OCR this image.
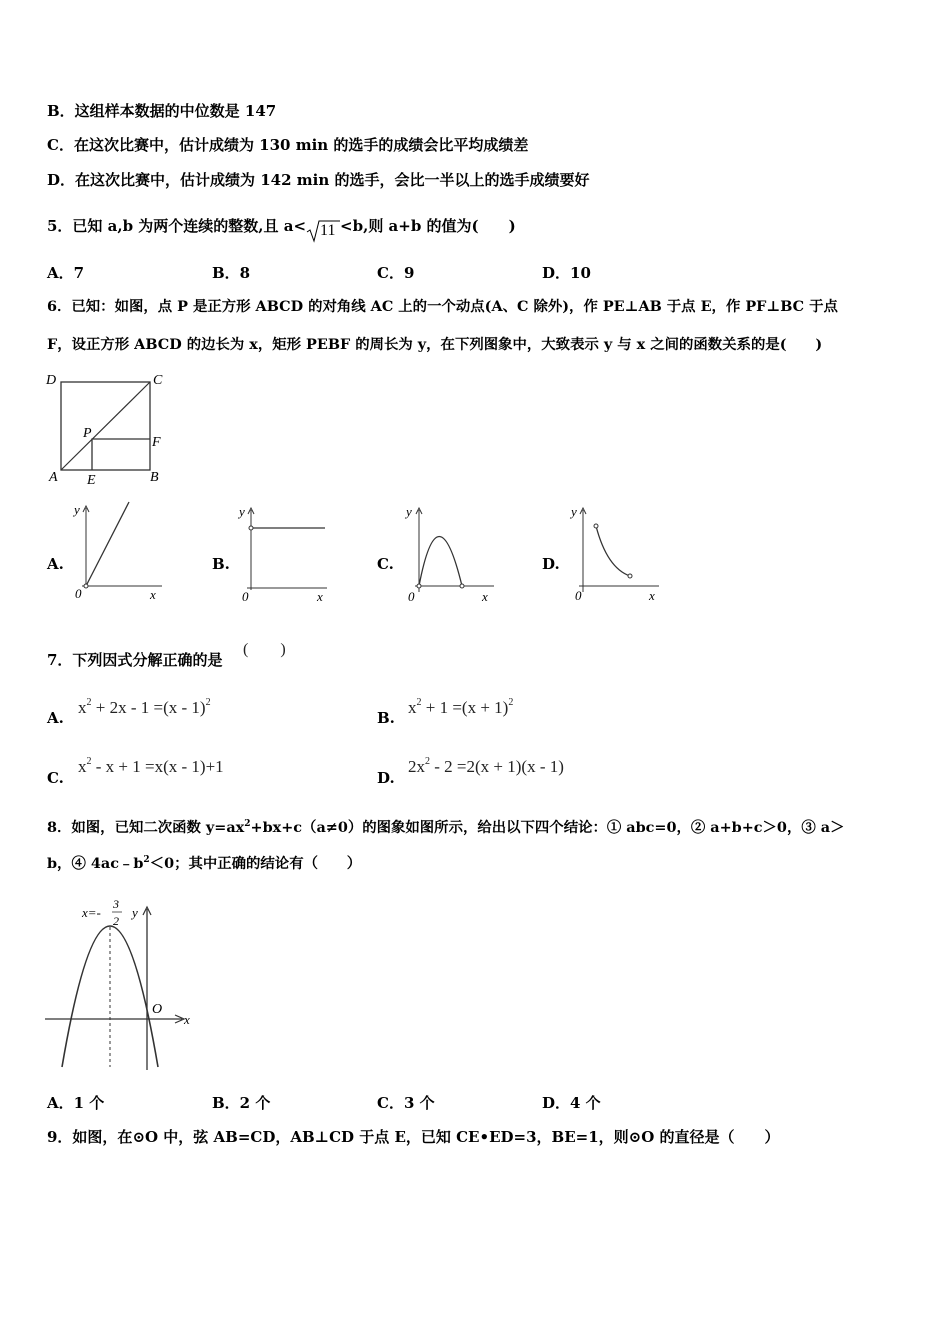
B．这组样本数据的中位数是 147
C．在这次比赛中，估计成绩为 130 min 的选手的成绩会比平均成绩差
D．在这次比赛中，估计成绩为 142 min 的选手，会比一半以上的选手成绩要好
5．已知 a,b 为两个连续的整数,且 a< 11 <b,则 a+b 的值为(　　)
A．7	B．8	C．9	D．10
6．已知：如图，点 P 是正方形 ABCD 的对角线 AC 上的一个动点(A、C 除外)，作 PE⊥AB 于点 E，作 PF⊥BC 于点
F，设正方形 ABCD 的边长为 x，矩形 PEBF 的周长为 y，在下列图象中，大致表示 y 与 x 之间的函数关系的是(　　)
D	C
P
F
A E	B
A.
y
0	x
B.
y
0	x
C.
y
0	x
D.
y
0	x
7．下列因式分解正确的是
(　　)
A.
$x^2 + 2x - 1 =(x - 1)^2$
B.
$x^2 + 1 =(x + 1)^2$
C.
$x^2 - x + 1 =x(x - 1)+1$
D.
$2x^2 - 2 =2(x + 1)(x - 1)$
8．如图，已知二次函数 $y=ax^2+bx+c(a\ne 0)$的图象如图所示，给出以下四个结论：① abc=0，② a+b+c＞0，③ a＞
b，④ $4ac﹣b^2<0$；其中正确的结论有（　　）
x=-
3
2
y
O
x
A．1 个	B．2 个	C．3 个	D．4 个
9．如图，在⊙O 中，弦 AB=CD，AB⊥CD 于点 E，已知 CE•ED=3，BE=1，则⊙O 的直径是（　　）
